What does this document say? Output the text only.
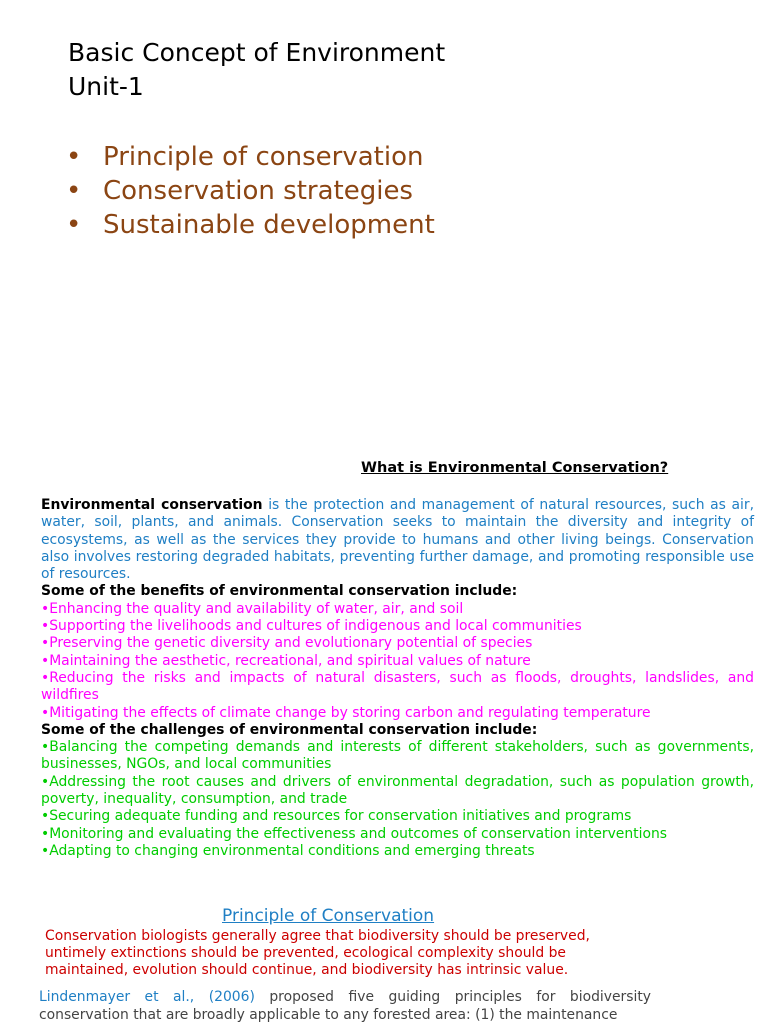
Basic Concept of Environment
Unit-1
• Principle of conservation
• Conservation strategies
• Sustainable development
What is Environmental Conservation?

Environmental conservation is the protection and management of natural resources, such as air, water, soil, plants, and animals. Conservation seeks to maintain the diversity and integrity of ecosystems, as well as the services they provide to humans and other living beings. Conservation also involves restoring degraded habitats, preventing further damage, and promoting responsible use of resources.

Some of the benefits of environmental conservation include:

•Enhancing the quality and availability of water, air, and soil

•Supporting the livelihoods and cultures of indigenous and local communities

•Preserving the genetic diversity and evolutionary potential of species

•Maintaining the aesthetic, recreational, and spiritual values of nature

•Reducing the risks and impacts of natural disasters, such as floods, droughts, landslides, and wildfires

•Mitigating the effects of climate change by storing carbon and regulating temperature

Some of the challenges of environmental conservation include:

•Balancing the competing demands and interests of different stakeholders, such as governments, businesses, NGOs, and local communities

•Addressing the root causes and drivers of environmental degradation, such as population growth, poverty, inequality, consumption, and trade

•Securing adequate funding and resources for conservation initiatives and programs

•Monitoring and evaluating the effectiveness and outcomes of conservation interventions

•Adapting to changing environmental conditions and emerging threats

Principle of Conservation

Conservation biologists generally agree that biodiversity should be preserved,

untimely extinctions should be prevented, ecological complexity should be

maintained, evolution should continue, and biodiversity has intrinsic value.

Lindenmayer et al., (2006) proposed five guiding principles for biodiversity conservation that are broadly applicable to any forested area: (1) the maintenance
